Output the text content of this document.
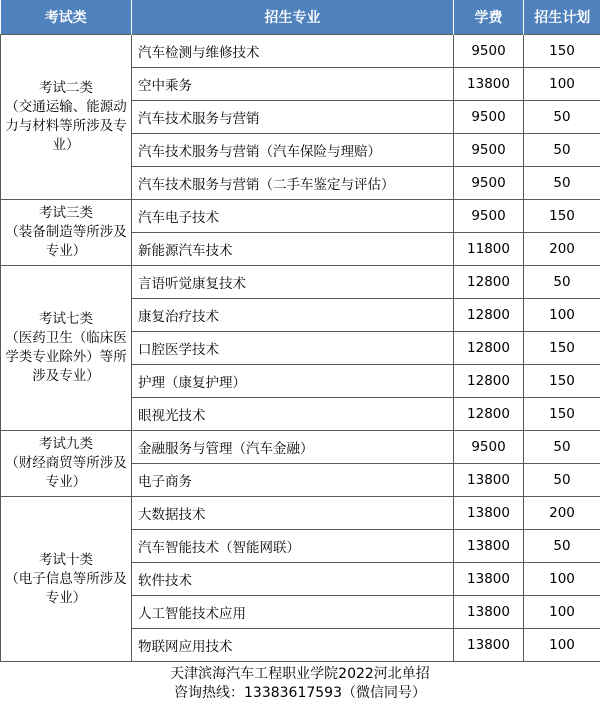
考试类	招生专业	学费	招生计划
考试二类
（交通运输、能源动力与材料等所涉及专业）	汽车检测与维修技术	9500	150
	空中乘务	13800	100
	汽车技术服务与营销	9500	50
	汽车技术服务与营销（汽车保险与理赔）	9500	50
	汽车技术服务与营销（二手车鉴定与评估）	9500	50
考试三类
（装备制造等所涉及专业）	汽车电子技术	9500	150
	新能源汽车技术	11800	200
考试七类
（医药卫生（临床医学类专业除外）等所涉及专业）	言语听觉康复技术	12800	50
	康复治疗技术	12800	100
	口腔医学技术	12800	150
	护理（康复护理）	12800	150
	眼视光技术	12800	150
考试九类
（财经商贸等所涉及专业）	金融服务与管理（汽车金融）	9500	50
	电子商务	13800	50
考试十类
（电子信息等所涉及专业）	大数据技术	13800	200
	汽车智能技术（智能网联）	13800	50
	软件技术	13800	100
	人工智能技术应用	13800	100
	物联网应用技术	13800	100
天津滨海汽车工程职业学院2022河北单招
咨询热线：13383617593（微信同号）
